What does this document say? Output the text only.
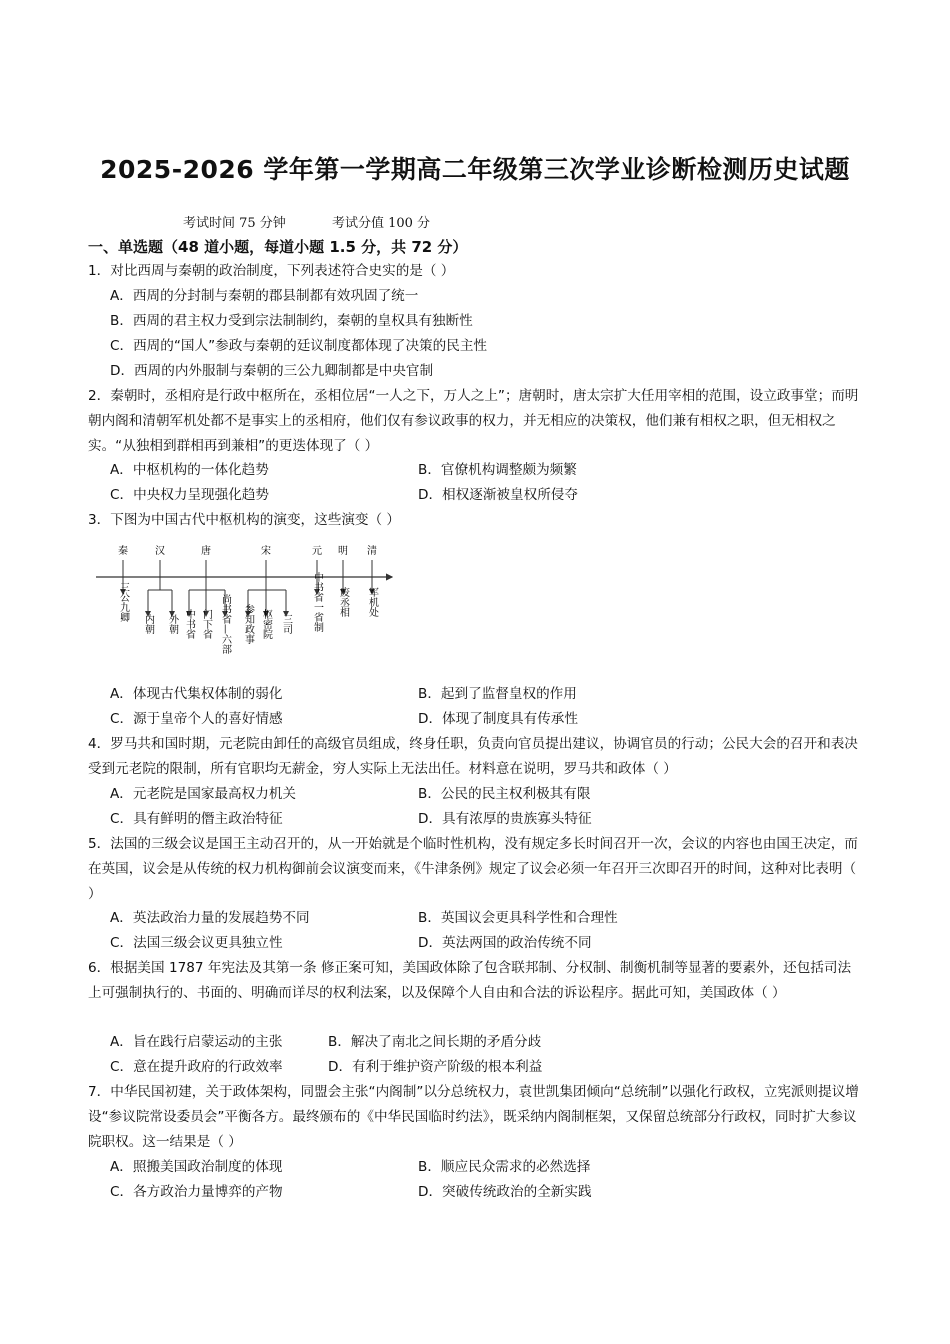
2025-2026 学年第一学期高二年级第三次学业诊断检测历史试题
考试时间 75 分钟	考试分值 100 分
一、单选题（48 道小题，每道小题 1.5 分，共 72 分）
1．对比西周与秦朝的政治制度，下列表述符合史实的是（ ）
A．西周的分封制与秦朝的郡县制都有效巩固了统一
B．西周的君主权力受到宗法制制约，秦朝的皇权具有独断性
C．西周的“国人”参政与秦朝的廷议制度都体现了决策的民主性
D．西周的内外服制与秦朝的三公九卿制都是中央官制
2．秦朝时，丞相府是行政中枢所在，丞相位居“一人之下，万人之上”；唐朝时，唐太宗扩大任用宰相的范围，设立政事堂；而明朝内阁和清朝军机处都不是事实上的丞相府，他们仅有参议政事的权力，并无相应的决策权，他们兼有相权之职，但无相权之实。“从独相到群相再到兼相”的更迭体现了（ ）
A．中枢机构的一体化趋势	B．官僚机构调整颇为频繁
C．中央权力呈现强化趋势	D．相权逐渐被皇权所侵夺
3．下图为中国古代中枢机构的演变，这些演变（ ）
秦	汉	唐	宋	元 明 清
三公九卿
内朝 外朝 中书省 门下省 尚书省—六部 参知政事 枢密院 三司 中书省一省制 废丞相 军机处
A．体现古代集权体制的弱化	B．起到了监督皇权的作用
C．源于皇帝个人的喜好情感	D．体现了制度具有传承性
4．罗马共和国时期，元老院由卸任的高级官员组成，终身任职，负责向官员提出建议，协调官员的行动；公民大会的召开和表决受到元老院的限制，所有官职均无薪金，穷人实际上无法出任。材料意在说明，罗马共和政体（ ）
A．元老院是国家最高权力机关	B．公民的民主权利极其有限
C．具有鲜明的僭主政治特征	D．具有浓厚的贵族寡头特征
5．法国的三级会议是国王主动召开的，从一开始就是个临时性机构，没有规定多长时间召开一次，会议的内容也由国王决定，而在英国，议会是从传统的权力机构御前会议演变而来，《牛津条例》规定了议会必须一年召开三次即召开的时间，这种对比表明（ ）
A．英法政治力量的发展趋势不同	B．英国议会更具科学性和合理性
C．法国三级会议更具独立性	D．英法两国的政治传统不同
6．根据美国 1787 年宪法及其第一条 修正案可知，美国政体除了包含联邦制、分权制、制衡机制等显著的要素外，还包括司法上可强制执行的、书面的、明确而详尽的权利法案，以及保障个人自由和合法的诉讼程序。据此可知，美国政体（ ）
A．旨在践行启蒙运动的主张	B．解决了南北之间长期的矛盾分歧
C．意在提升政府的行政效率	D．有利于维护资产阶级的根本利益
7．中华民国初建，关于政体架构，同盟会主张“内阁制”以分总统权力，袁世凯集团倾向“总统制”以强化行政权，立宪派则提议增设“参议院常设委员会”平衡各方。最终颁布的《中华民国临时约法》，既采纳内阁制框架，又保留总统部分行政权，同时扩大参议院职权。这一结果是（ ）
A．照搬美国政治制度的体现	B．顺应民众需求的必然选择
C．各方政治力量博弈的产物	D．突破传统政治的全新实践
